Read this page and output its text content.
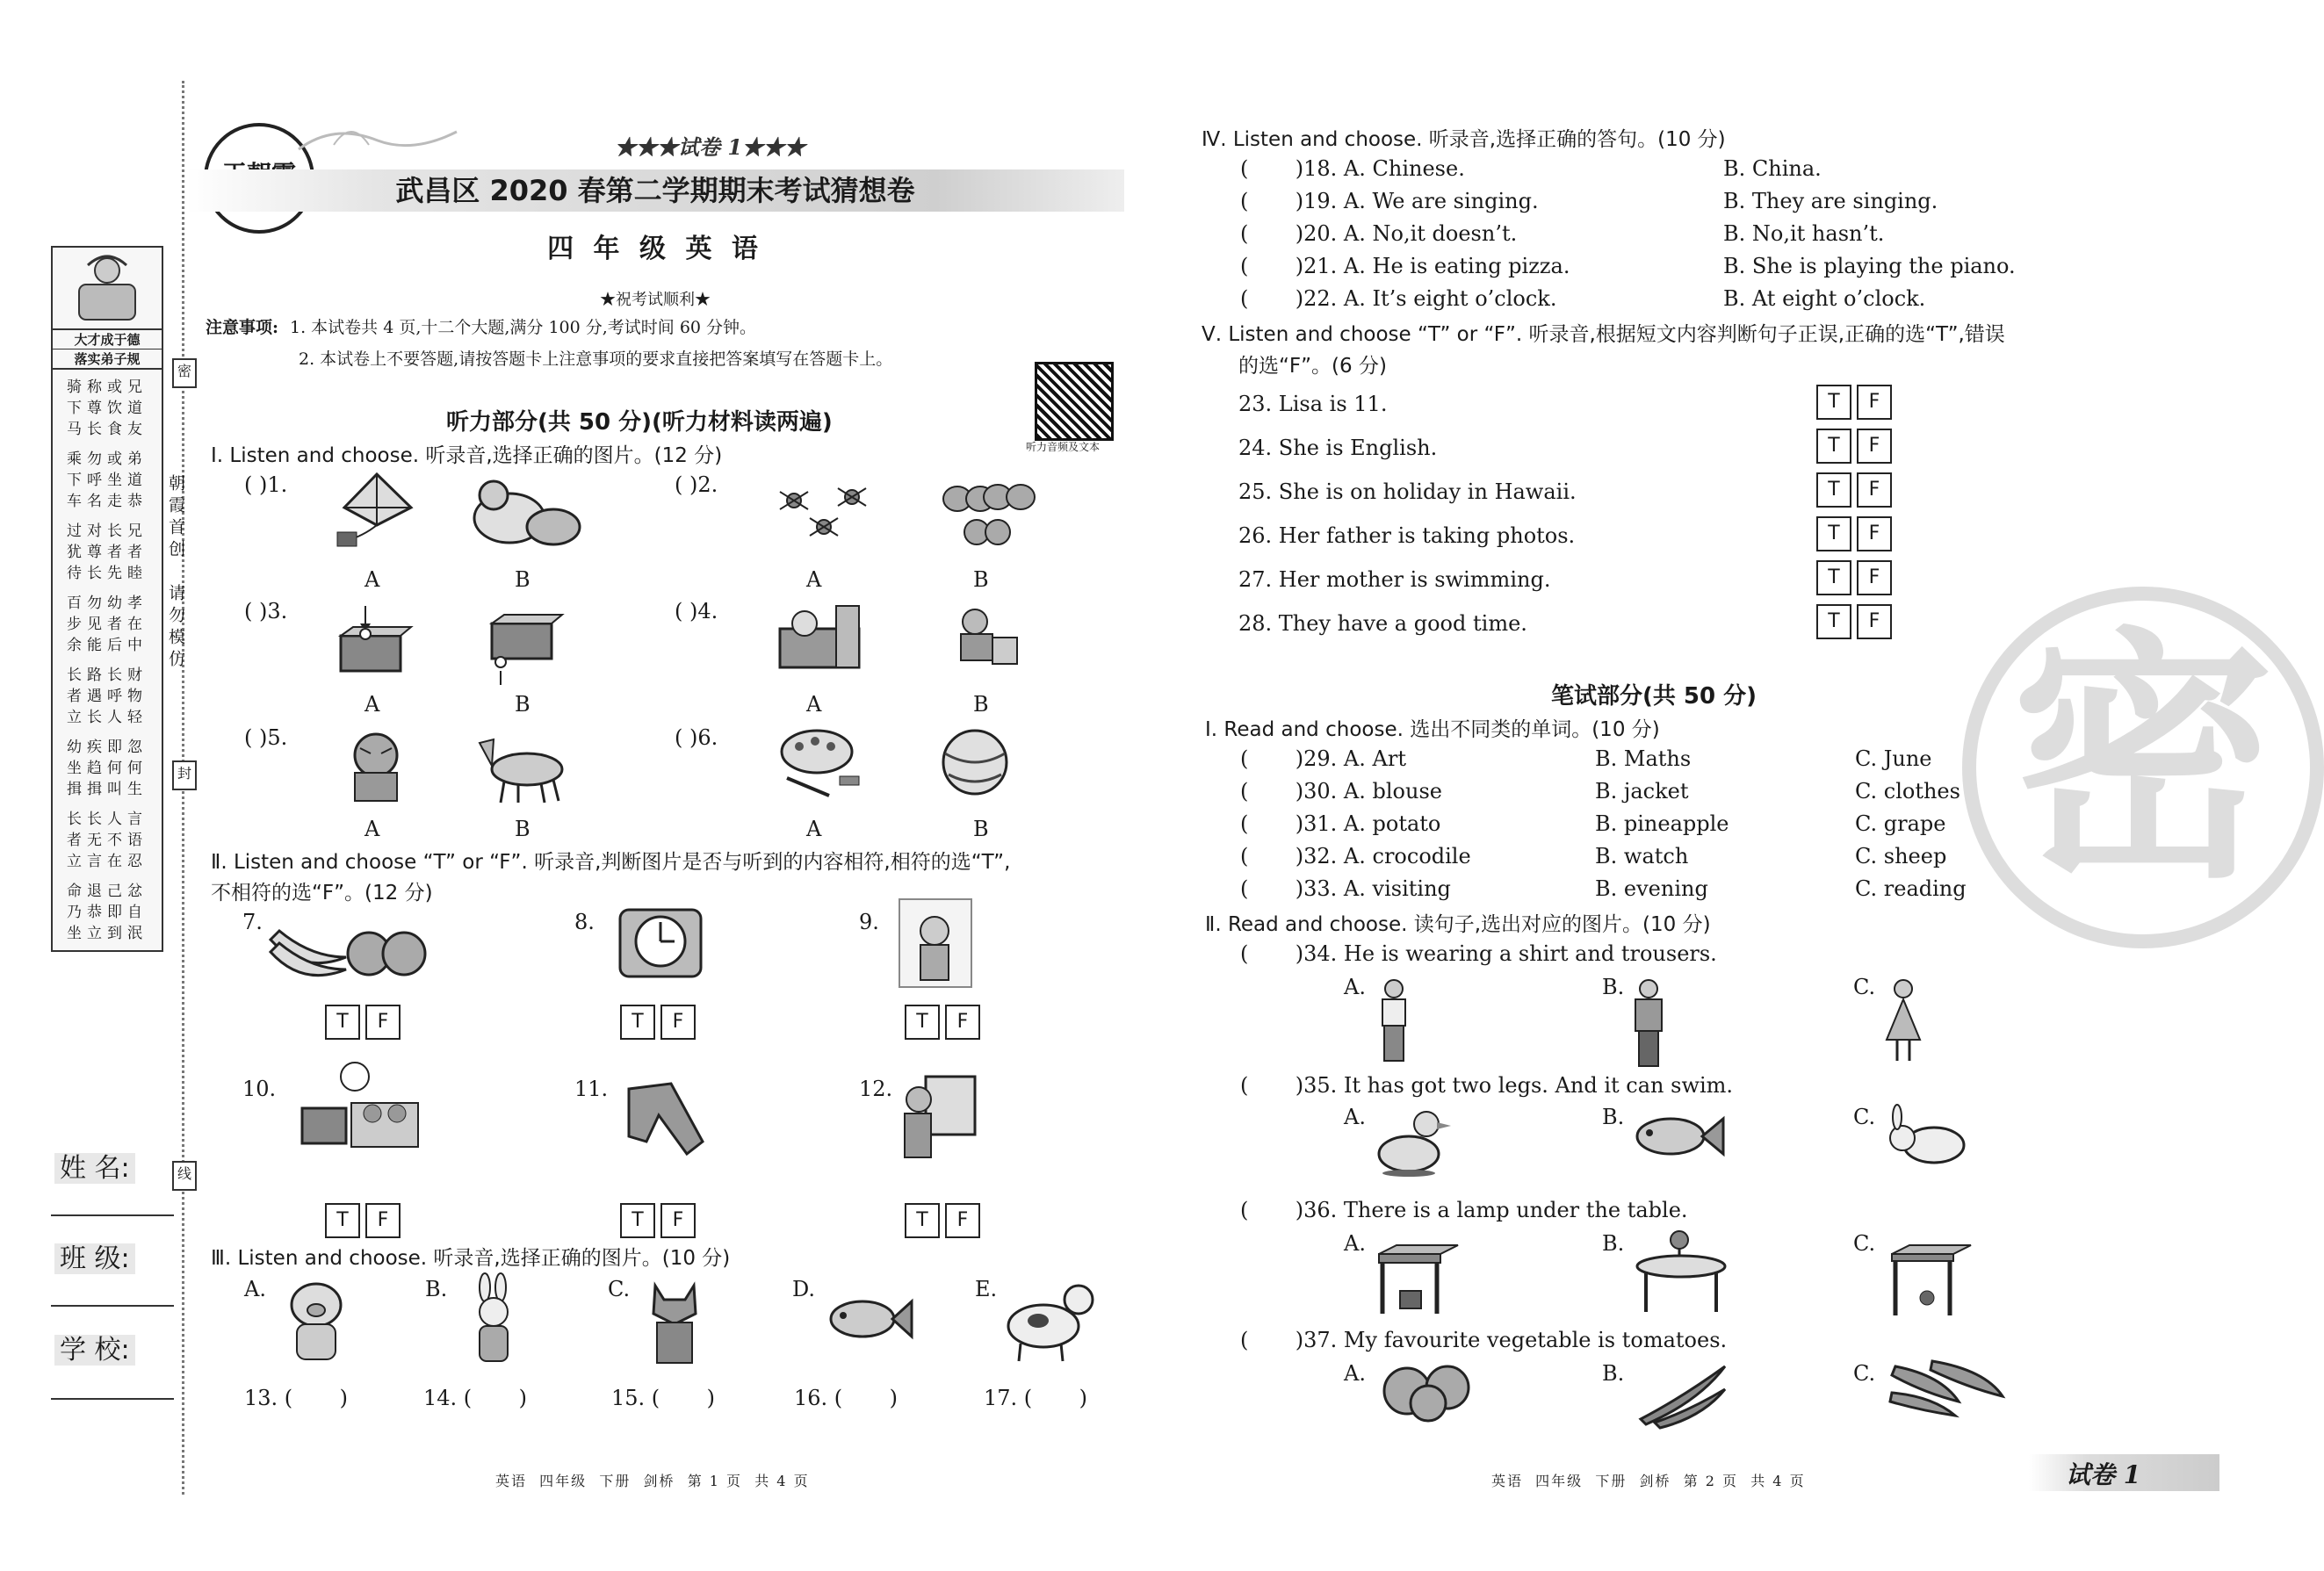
大才成于德
落实弟子规
骑称或兄
下尊饮道
马长食友
乘勿或弟
下呼坐道
车名走恭
过对长兄
犹尊者者
待长先睦
百勿幼孝
步见者在
余能后中
长路长财
者遇呼物
立长人轻
幼疾即忽
坐趋何何
揖揖叫生
长长人言
者无不语
立言在忍
命退己忿
乃恭即自
坐立到泯
朝霞首创
请勿模仿
密
封
线
姓 名:
班 级:
学 校:
★★★试卷 1★★★
武昌区 2020 春第二学期期末考试猜想卷
四 年 级 英 语
★祝考试顺利★
注意事项: 1. 本试卷共 4 页,十二个大题,满分 100 分,考试时间 60 分钟。
2. 本试卷上不要答题,请按答题卡上注意事项的要求直接把答案填写在答题卡上。
听力音频及文本
听力部分(共 50 分)(听力材料读两遍)
Ⅰ. Listen and choose. 听录音,选择正确的图片。(12 分)
( )1.
A	B
( )2.
A	B
( )3.
A	B
( )4.
A	B
( )5.
A	B
( )6.
A	B
Ⅱ. Listen and choose “T” or “F”. 听录音,判断图片是否与听到的内容相符,相符的选“T”,
不相符的选“F”。(12 分)
7.
T F
8.
T F
9.
T F
10.
T F
11.
T F
12.
T F
Ⅲ. Listen and choose. 听录音,选择正确的图片。(10 分)
A.	B.	C.	D.	E.
13. (       )	14. (       )	15. (       )	16. (       )	17. (       )
英语  四年级  下册  剑桥  第 1 页  共 4 页
密
Ⅳ. Listen and choose. 听录音,选择正确的答句。(10 分)
(       )18. A. Chinese.	B. China.
(       )19. A. We are singing.	B. They are singing.
(       )20. A. No,it doesn’t.	B. No,it hasn’t.
(       )21. A. He is eating pizza.	B. She is playing the piano.
(       )22. A. It’s eight o’clock.	B. At eight o’clock.
Ⅴ. Listen and choose “T” or “F”. 听录音,根据短文内容判断句子正误,正确的选“T”,错误
的选“F”。(6 分)
23. Lisa is 11.	T F
24. She is English.	T F
25. She is on holiday in Hawaii.	T F
26. Her father is taking photos.	T F
27. Her mother is swimming.	T F
28. They have a good time.	T F
笔试部分(共 50 分)
Ⅰ. Read and choose. 选出不同类的单词。(10 分)
(       )29. A. Art	B. Maths	C. June
(       )30. A. blouse	B. jacket	C. clothes
(       )31. A. potato	B. pineapple	C. grape
(       )32. A. crocodile	B. watch	C. sheep
(       )33. A. visiting	B. evening	C. reading
Ⅱ. Read and choose. 读句子,选出对应的图片。(10 分)
(       )34. He is wearing a shirt and trousers.
A.	B.	C.
(       )35. It has got two legs. And it can swim.
A.	B.	C.
(       )36. There is a lamp under the table.
A.	B.	C.
(       )37. My favourite vegetable is tomatoes.
A.	B.	C.
英语  四年级  下册  剑桥  第 2 页  共 4 页	试卷 1
